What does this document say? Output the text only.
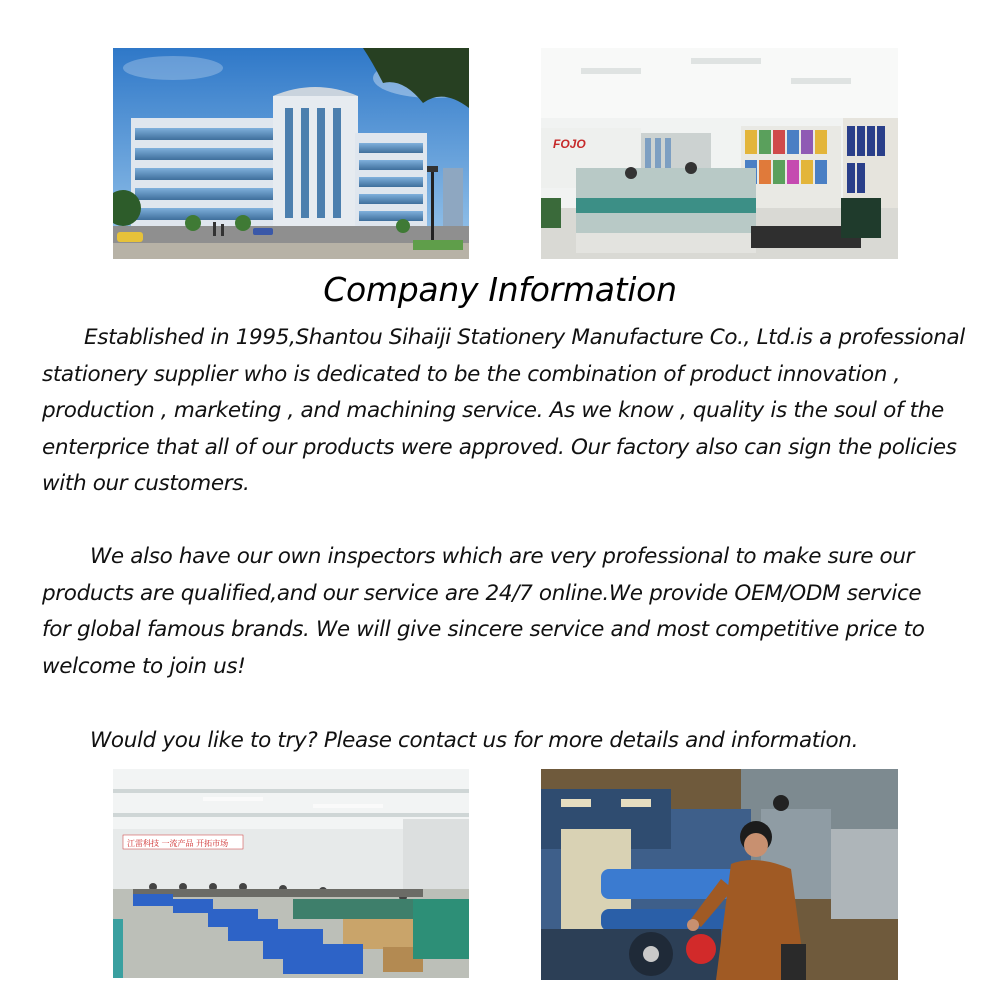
FOJO
Company Information

Established in 1995,Shantou Sihaiji Stationery Manufacture Co., Ltd.is a professional
stationery supplier who is dedicated to be the combination of product innovation ,
production , marketing , and machining service. As we know , quality is the soul of the
enterprice that all of our products were approved. Our factory also can sign the policies
with our customers.

We also have our own inspectors which are very professional to make sure our
products are qualified,and our service are 24/7 online.We provide OEM/ODM service
for global famous brands. We will give sincere service and most competitive price to
welcome to join us!

Would you like to try? Please contact us for more details and information.

江雷科技 一流产品 开拓市场
